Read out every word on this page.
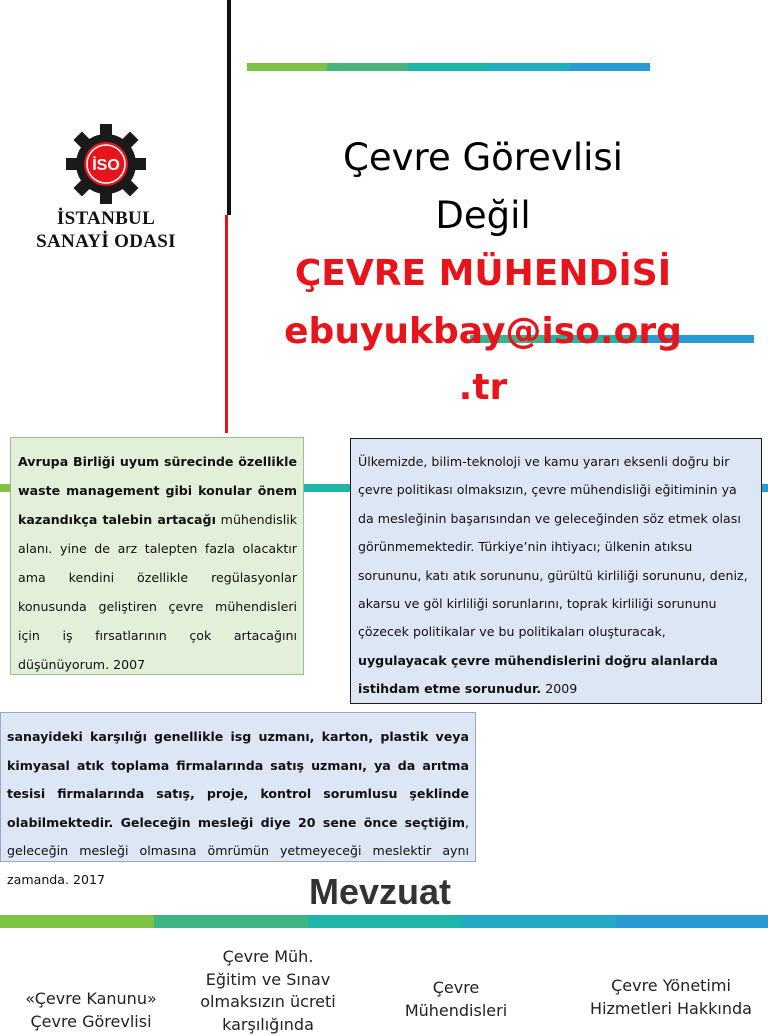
İSO
İSTANBUL
SANAYİ ODASI
Çevre Görevlisi
Değil
ÇEVRE MÜHENDİSİ
ebuyukbay@iso.org
.tr

Avrupa Birliği uyum sürecinde özellikle waste management gibi konular önem kazandıkça talebin artacağı mühendislik alanı. yine de arz talepten fazla olacaktır ama kendini özellikle regülasyonlar konusunda geliştiren çevre mühendisleri için iş fırsatlarının çok artacağını düşünüyorum. 2007

Ülkemizde, bilim-teknoloji ve kamu yararı eksenli doğru bir çevre politikası olmaksızın, çevre mühendisliği eğitiminin ya da mesleğinin başarısından ve geleceğinden söz etmek olası görünmemektedir. Türkiye’nin ihtiyacı; ülkenin atıksu sorununu, katı atık sorununu, gürültü kirliliği sorununu, deniz, akarsu ve göl kirliliği sorunlarını, toprak kirliliği sorununu çözecek politikalar ve bu politikaları oluşturacak, uygulayacak çevre mühendislerini doğru alanlarda istihdam etme sorunudur. 2009

sanayideki karşılığı genellikle isg uzmanı, karton, plastik veya kimyasal atık toplama firmalarında satış uzmanı, ya da arıtma tesisi firmalarında satış, proje, kontrol sorumlusu şeklinde olabilmektedir. Geleceğin mesleği diye 20 sene önce seçtiğim, geleceğin mesleği olmasına ömrümün yetmeyeceği meslektir aynı zamanda. 2017	Mevzuat
«Çevre Kanunu»
Çevre Görevlisi
Çevre Müh.
Eğitim ve Sınav
olmaksızın ücreti
karşılığında
Çevre
Mühendisleri
Çevre Yönetimi
Hizmetleri Hakkında
